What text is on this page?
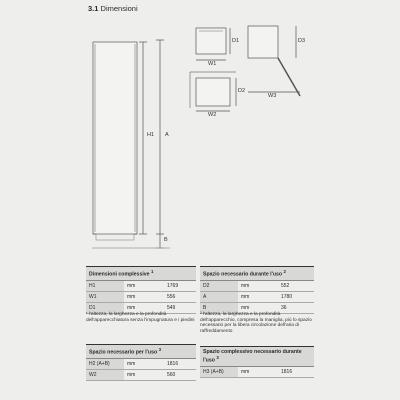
3.1 Dimensioni
H1 A
B
W1
D1
W2
D2
W3
D3
Dimensioni complessive $^1$
H1	mm	1769
W1	mm	556
D1	mm	549
¹ l'altezza, la larghezza e la profondità dell'apparecchiatura senza l'impugnatura e i piedini
Spazio necessario durante l'uso $^2$
D2	mm	552
A	mm	1780
B	mm	36
² l'altezza, la larghezza e la profondità dell'apparecchio, compresa la maniglia, più lo spazio necessario per la libera circolazione dell'aria di raffreddamento
Spazio necessario per l'uso $^3$
H2 (A+B)	mm	1816
W2	mm	560
Spazio complessivo necessario durante l'uso $^3$
H3 (A+B)	mm	1816
